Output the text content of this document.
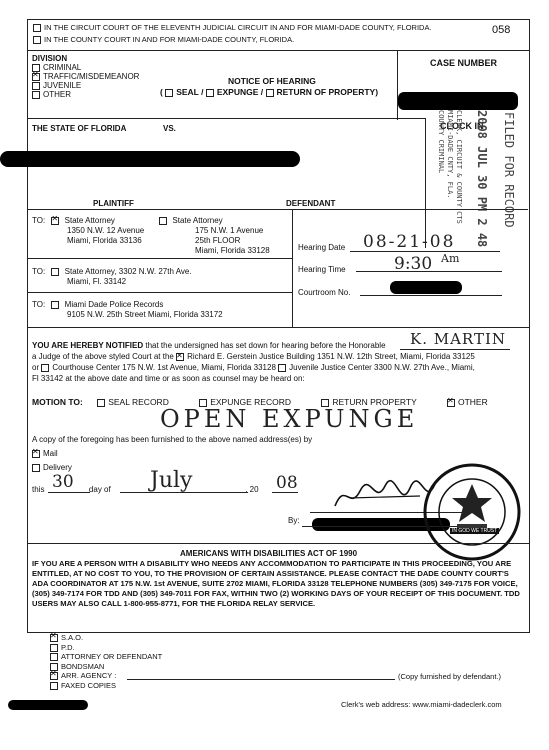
IN THE CIRCUIT COURT OF THE ELEVENTH JUDICIAL CIRCUIT IN AND FOR MIAMI-DADE COUNTY, FLORIDA.
IN THE COUNTY COURT IN AND FOR MIAMI-DADE COUNTY, FLORIDA.
058
DIVISION
CRIMINAL
✕TRAFFIC/MISDEMEANOR
JUVENILE
OTHER
NOTICE OF HEARING
( SEAL / EXPUNGE / RETURN OF PROPERTY)
CASE NUMBER
THE STATE OF FLORIDA	VS.
PLAINTIFF	DEFENDANT
CLOCK IN
2008 JUL 30 PM 2 48
CLERK, CIRCUIT & COUNTY CTS
MIAMI-DADE CNTY, FLA.
COUNTY CRIMINAL	FILED FOR RECORD
TO: ✕ State Attorney	State Attorney
1350 N.W. 12 Avenue
Miami, Florida 33136
175 N.W. 1 Avenue
25th FLOOR
Miami, Florida 33128
TO: State Attorney, 3302 N.W. 27th Ave.
Miami, Fl. 33142
TO: Miami Dade Police Records
9105 N.W. 25th Street Miami, Florida 33172
Hearing Date 08-21-08
Hearing Time	9:30 Am
Courtroom No.
YOU ARE HEREBY NOTIFIED that the undersigned has set down for hearing before the Honorable
a Judge of the above styled Court at the ✕ Richard E. Gerstein Justice Building 1351 N.W. 12th Street, Miami, Florida 33125
or Courthouse Center 175 N.W. 1st Avenue, Miami, Florida 33128 Juvenile Justice Center 3300 N.W. 27th Ave., Miami,
Fl 33142 at the above date and time or as soon as counsel may be heard on:
K. MARTIN
MOTION TO:	SEAL RECORD	EXPUNGE RECORD	RETURN PROPERTY ✕	OTHER
OPEN EXPUNGE
A copy of the foregoing has been furnished to the above named address(es) by
✕Mail
Delivery
this	day of	, 20
30	July	08
By:
IN GOD WE TRUST
AMERICANS WITH DISABILITIES ACT OF 1990
IF YOU ARE A PERSON WITH A DISABILITY WHO NEEDS ANY ACCOMMODATION TO PARTICIPATE IN THIS PROCEEDING, YOU ARE ENTITLED, AT NO COST TO YOU, TO THE PROVISION OF CERTAIN ASSISTANCE. PLEASE CONTACT THE DADE COUNTY COURT'S ADA COORDINATOR AT 175 N.W. 1st AVENUE, SUITE 2702 MIAMI, FLORIDA 33128 TELEPHONE NUMBERS (305) 349-7175 FOR VOICE, (305) 349-7174 FOR TDD AND (305) 349-7011 FOR FAX, WITHIN TWO (2) WORKING DAYS OF YOUR RECEIPT OF THIS DOCUMENT. TDD USERS MAY ALSO CALL 1-800-955-8771, FOR THE FLORIDA RELAY SERVICE.
✕S.A.O.
P.D.
ATTORNEY OR DEFENDANT
BONDSMAN
✕ARR. AGENCY :
FAXED COPIES
(Copy furnished by defendant.)
Clerk's web address: www.miami-dadeclerk.com
